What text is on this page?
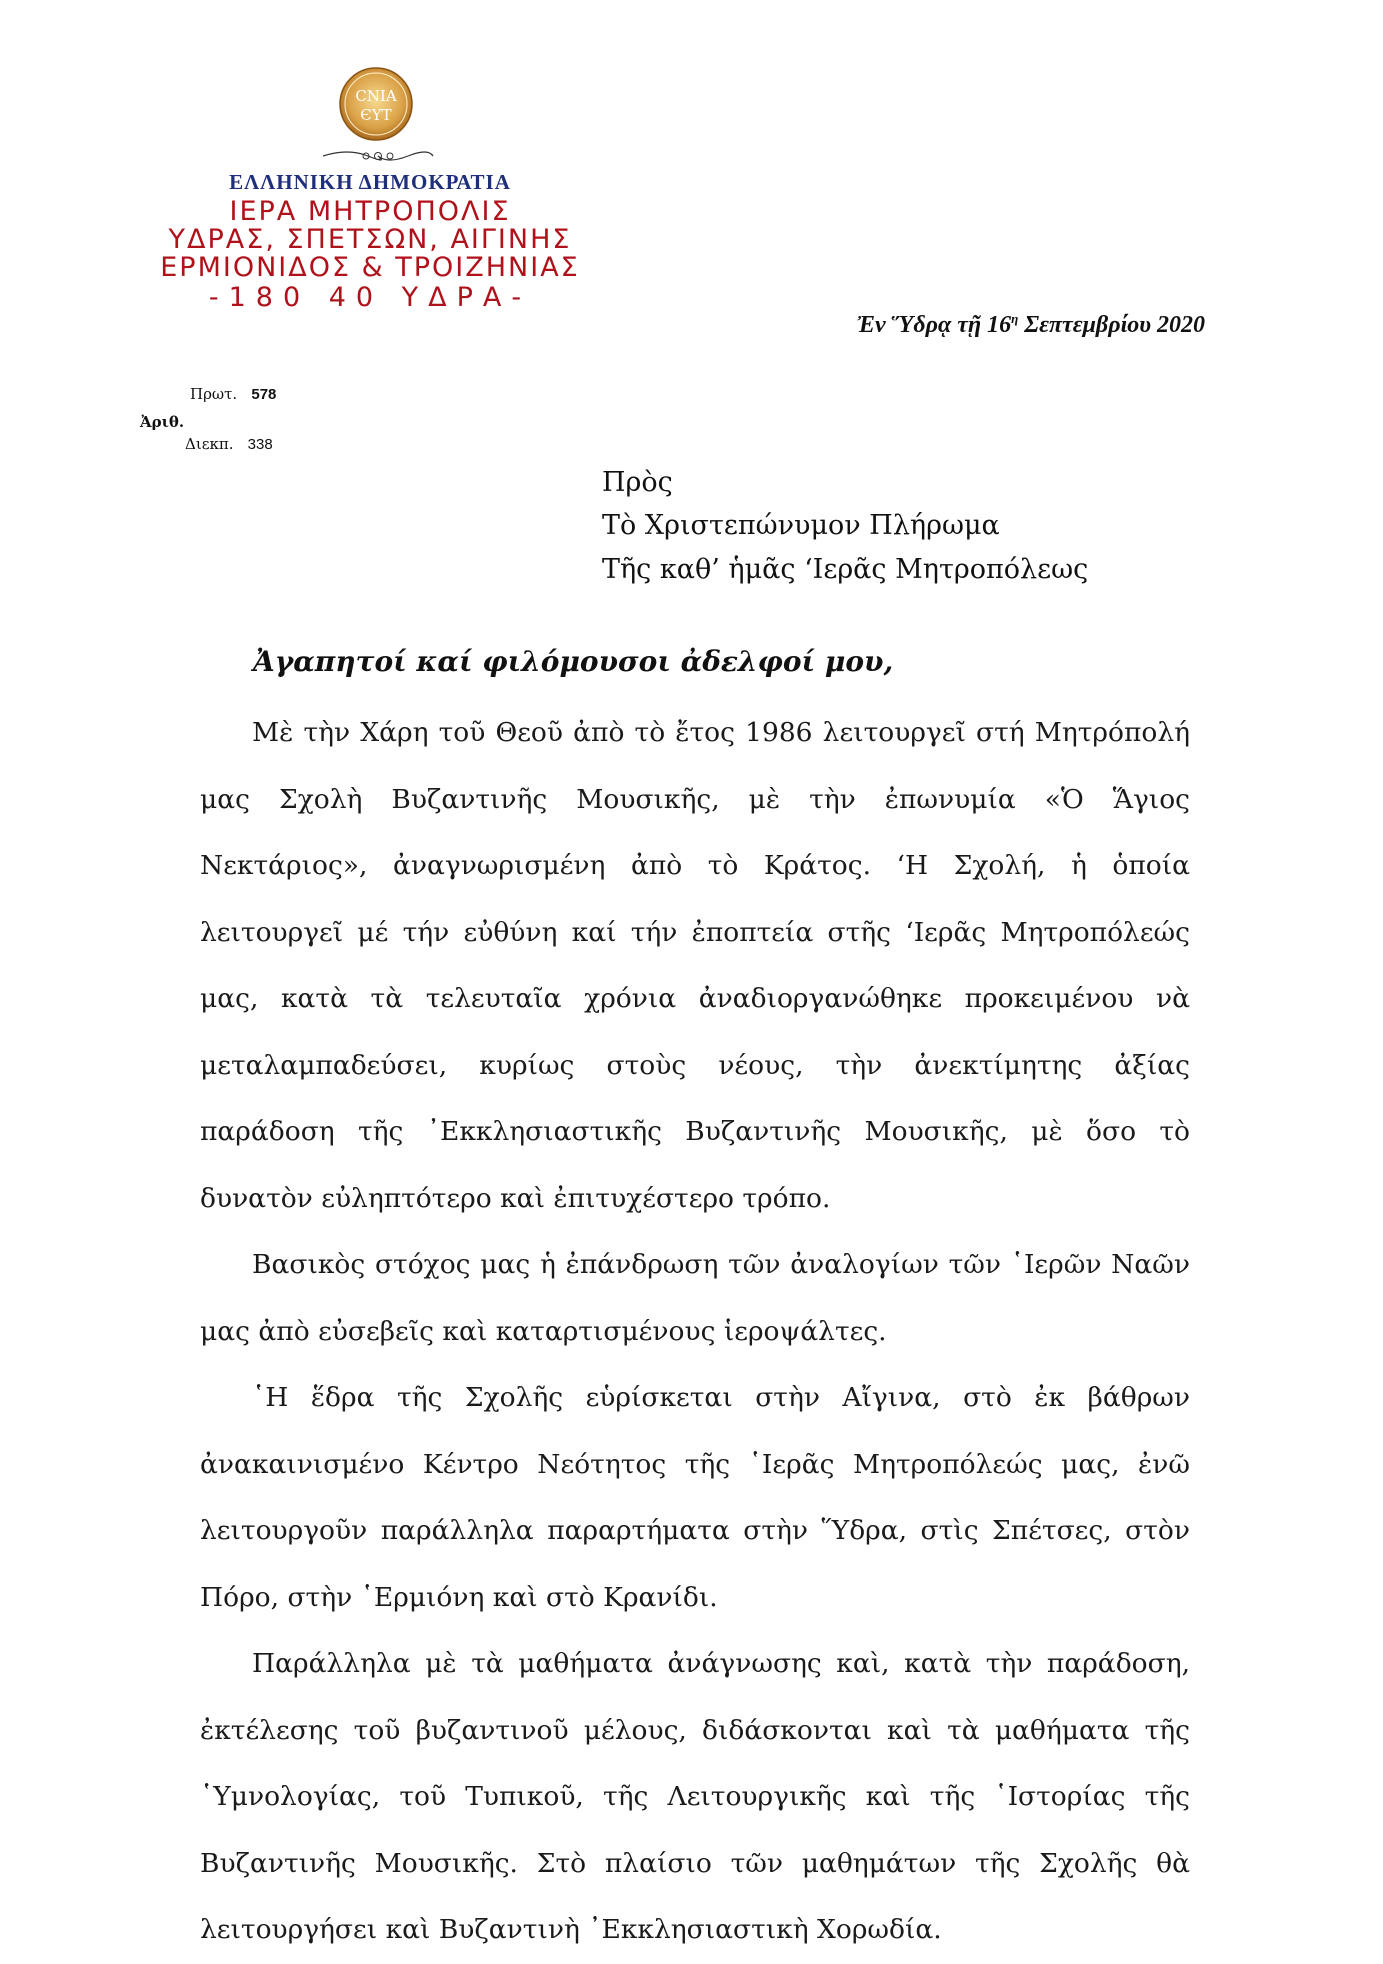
CNIA
ЄYT
ΕΛΛΗΝΙΚΗ ΔΗΜΟΚΡΑΤΙΑ
ΙΕΡΑ ΜΗΤΡΟΠΟΛΙΣ
ΥΔΡΑΣ, ΣΠΕΤΣΩΝ, ΑΙΓΙΝΗΣ
ΕΡΜΙΟΝΙΔΟΣ & ΤΡΟΙΖΗΝΙΑΣ
-180 40 ΥΔΡΑ-
Ἐν Ὕδρᾳ τῇ $16^\eta$ Σεπτεμβρίου 2020
Πρωτ. 578
Ἀριθ.
Διεκπ. 338
Πρὸς
Τὸ Χριστεπώνυμον Πλήρωμα
Τῆς καθ’ ἡμᾶς ‘Ιερᾶς Μητροπόλεως
Ἀγαπητοί καί φιλόμουσοι ἀδελφοί μου,

Μὲ τὴν Χάρη τοῦ Θεοῦ ἀπὸ τὸ ἔτος 1986 λειτουργεῖ στή Μητρόπολή μας Σχολὴ Βυζαντινῆς Μουσικῆς, μὲ τὴν ἐπωνυμία «Ὁ Ἅγιος Νεκτάριος», ἀναγνωρισμένη ἀπὸ τὸ Κράτος. ‘Η Σχολή, ἡ ὁποία λειτουργεῖ μέ τήν εὐθύνη καί τήν ἐποπτεία στῆς ‘Ιερᾶς Μητροπόλεώς μας, κατὰ τὰ τελευταῖα χρόνια ἀναδιοργανώθηκε προκειμένου νὰ μεταλαμπαδεύσει, κυρίως στοὺς νέους, τὴν ἀνεκτίμητης ἀξίας παράδοση τῆς ᾿Εκκλησιαστικῆς Βυζαντινῆς Μουσικῆς, μὲ ὅσο τὸ δυνατὸν εὐληπτότερο καὶ ἐπιτυχέστερο τρόπο.

Βασικὸς στόχος μας ἡ ἐπάνδρωση τῶν ἀναλογίων τῶν ῾Ιερῶν Ναῶν μας ἀπὸ εὐσεβεῖς καὶ καταρτισμένους ἱεροψάλτες.

῾Η ἕδρα τῆς Σχολῆς εὑρίσκεται στὴν Αἴγινα, στὸ ἐκ βάθρων ἀνακαινισμένο Κέντρο Νεότητος τῆς ῾Ιερᾶς Μητροπόλεώς μας, ἐνῶ λειτουργοῦν παράλληλα παραρτήματα στὴν Ὕδρα, στὶς Σπέτσες, στὸν Πόρο, στὴν ῾Ερμιόνη καὶ στὸ Κρανίδι.

Παράλληλα μὲ τὰ μαθήματα ἀνάγνωσης καὶ, κατὰ τὴν παράδοση, ἐκτέλεσης τοῦ βυζαντινοῦ μέλους, διδάσκονται καὶ τὰ μαθήματα τῆς ῾Υμνολογίας, τοῦ Τυπικοῦ, τῆς Λειτουργικῆς καὶ τῆς ῾Ιστορίας τῆς Βυζαντινῆς Μουσικῆς. Στὸ πλαίσιο τῶν μαθημάτων τῆς Σχολῆς θὰ λειτουργήσει καὶ Βυζαντινὴ ᾿Εκκλησιαστικὴ Χορωδία.
